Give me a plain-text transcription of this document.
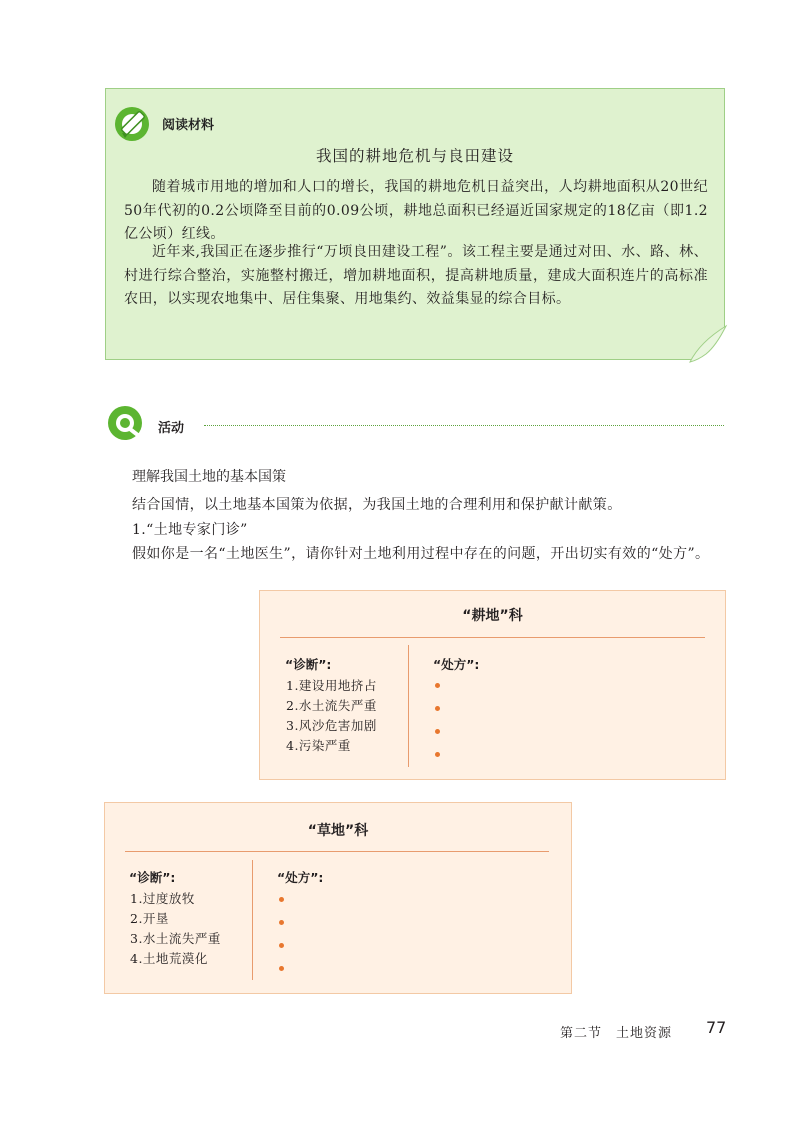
阅读材料
我国的耕地危机与良田建设
随着城市用地的增加和人口的增长，我国的耕地危机日益突出，人均耕地面积从20世纪50年代初的0.2公顷降至目前的0.09公顷，耕地总面积已经逼近国家规定的18亿亩（即1.2亿公顷）红线。
近年来,我国正在逐步推行“万顷良田建设工程”。该工程主要是通过对田、水、路、林、村进行综合整治，实施整村搬迁，增加耕地面积，提高耕地质量，建成大面积连片的高标准农田，以实现农地集中、居住集聚、用地集约、效益集显的综合目标。
活动
理解我国土地的基本国策
结合国情，以土地基本国策为依据，为我国土地的合理利用和保护献计献策。
1.“土地专家门诊”
假如你是一名“土地医生”，请你针对土地利用过程中存在的问题，开出切实有效的“处方”。
“耕地”科
“诊断”:
1.建设用地挤占
2.水土流失严重
3.风沙危害加剧
4.污染严重
“处方”:
“草地”科
“诊断”:
1.过度放牧
2.开垦
3.水土流失严重
4.土地荒漠化
“处方”:
第二节　土地资源 77
